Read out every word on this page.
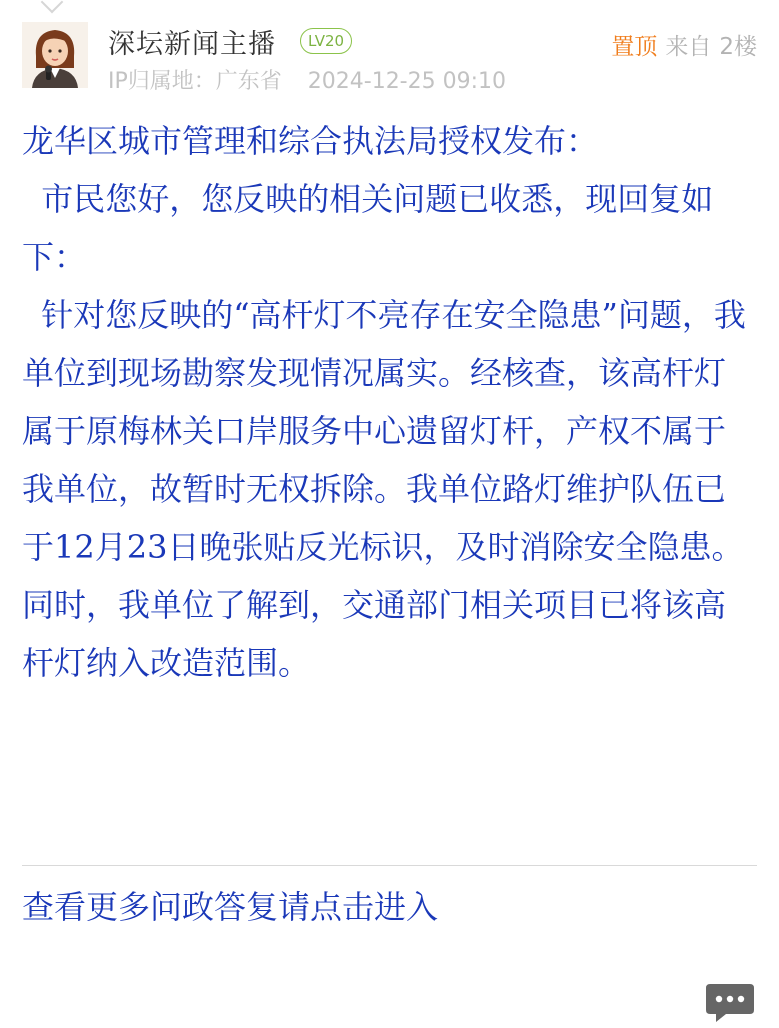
深坛新闻主播	LV20
IP归属地：广东省 2024-12-25 09:10
置顶 来自 2楼

龙华区城市管理和综合执法局授权发布：

市民您好，您反映的相关问题已收悉，现回复如下：

针对您反映的“高杆灯不亮存在安全隐患”问题，我单位到现场勘察发现情况属实。经核查，该高杆灯属于原梅林关口岸服务中心遗留灯杆，产权不属于我单位，故暂时无权拆除。我单位路灯维护队伍已于12月23日晚张贴反光标识，及时消除安全隐患。同时，我单位了解到，交通部门相关项目已将该高杆灯纳入改造范围。

查看更多问政答复请点击进入
